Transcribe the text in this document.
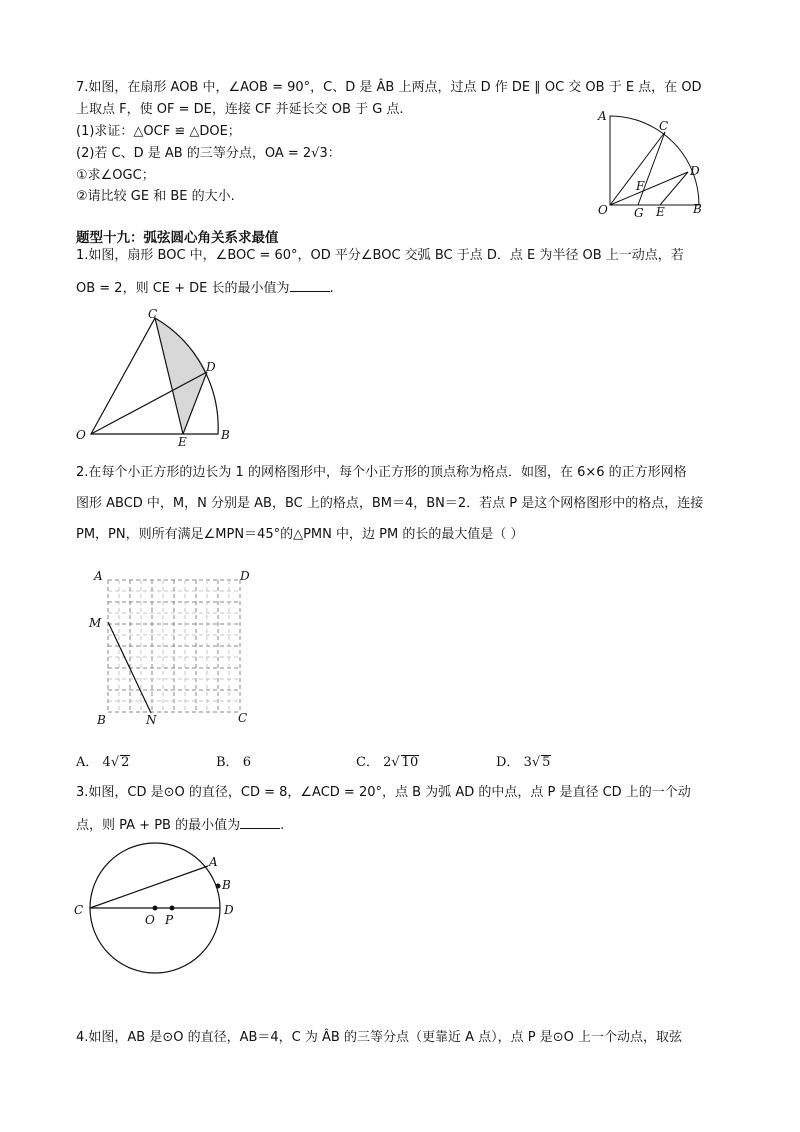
7.如图，在扇形 AOB 中，∠AOB = 90°，C、D 是 ÂB 上两点，过点 D 作 DE ∥ OC 交 OB 于 E 点，在 OD
上取点 F，使 OF = DE，连接 CF 并延长交 OB 于 G 点.
(1)求证：△OCF ≌ △DOE；
(2)若 C、D 是 AB 的三等分点，OA = 2√3：
①求∠OGC；
②请比较 GE 和 BE 的大小.
A
C
D
F
O G E B
题型十九：弧弦圆心角关系求最值
1.如图，扇形 BOC 中，∠BOC = 60°，OD 平分∠BOC 交弧 BC 于点 D．点 E 为半径 OB 上一动点，若
OB = 2，则 CE + DE 长的最小值为	.
C
D
O	E	B
2.在每个小正方形的边长为 1 的网格图形中，每个小正方形的顶点称为格点．如图，在 6×6 的正方形网格
图形 ABCD 中，M，N 分别是 AB，BC 上的格点，BM＝4，BN＝2．若点 P 是这个网格图形中的格点，连接
PM，PN，则所有满足∠MPN＝45°的△PMN 中，边 PM 的长的最大值是（ ）
A	D
M
B	N	C
A． 4√ 2	B． 6	C． 2√ 10	D． 3√ 5
3.如图，CD 是⊙O 的直径，CD = 8，∠ACD = 20°，点 B 为弧 AD 的中点，点 P 是直径 CD 上的一个动
点，则 PA + PB 的最小值为	.
A
B
C
O P
D
4.如图，AB 是⊙O 的直径，AB＝4，C 为 ÂB 的三等分点（更靠近 A 点），点 P 是⊙O 上一个动点，取弦
